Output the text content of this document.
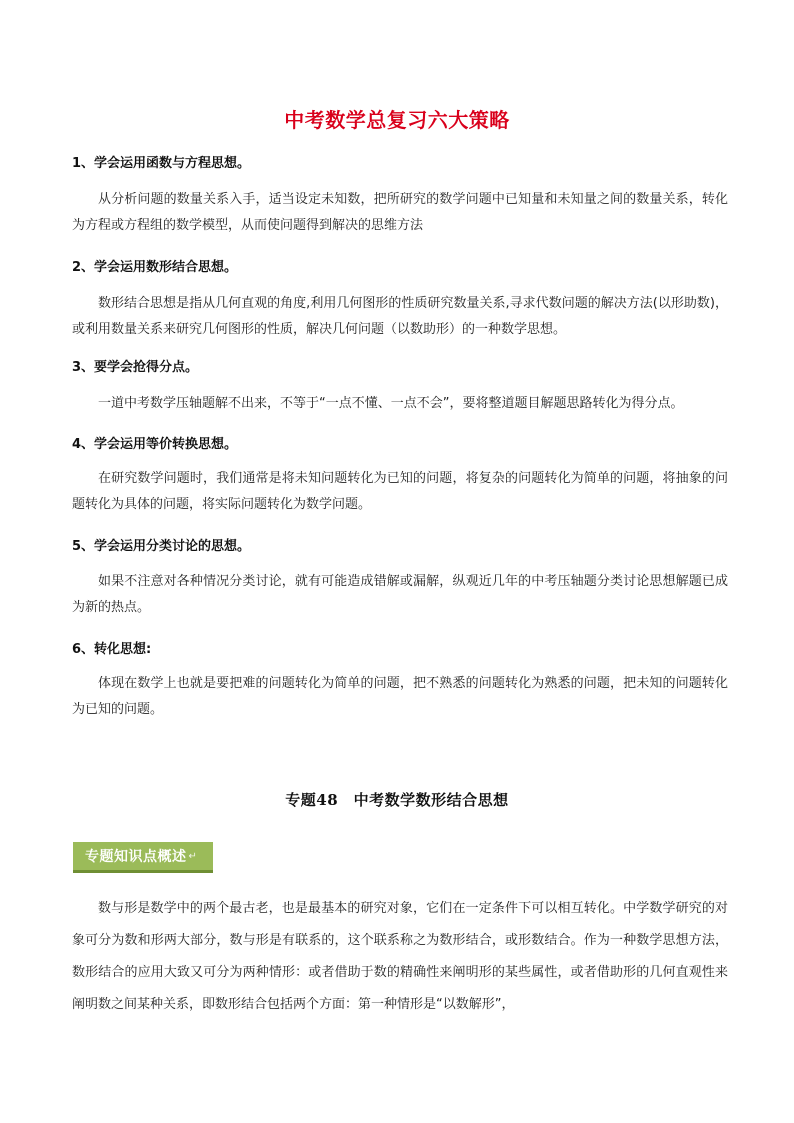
中考数学总复习六大策略
1、学会运用函数与方程思想。
从分析问题的数量关系入手，适当设定未知数，把所研究的数学问题中已知量和未知量之间的数量关系，转化为方程或方程组的数学模型，从而使问题得到解决的思维方法
2、学会运用数形结合思想。
数形结合思想是指从几何直观的角度,利用几何图形的性质研究数量关系,寻求代数问题的解决方法(以形助数)，或利用数量关系来研究几何图形的性质，解决几何问题（以数助形）的一种数学思想。
3、要学会抢得分点。
一道中考数学压轴题解不出来，不等于“一点不懂、一点不会”，要将整道题目解题思路转化为得分点。
4、学会运用等价转换思想。
在研究数学问题时，我们通常是将未知问题转化为已知的问题，将复杂的问题转化为简单的问题，将抽象的问题转化为具体的问题，将实际问题转化为数学问题。
5、学会运用分类讨论的思想。
如果不注意对各种情况分类讨论，就有可能造成错解或漏解，纵观近几年的中考压轴题分类讨论思想解题已成为新的热点。
6、转化思想:
体现在数学上也就是要把难的问题转化为简单的问题，把不熟悉的问题转化为熟悉的问题，把未知的问题转化为已知的问题。
专题48　中考数学数形结合思想
专题知识点概述 ↵
数与形是数学中的两个最古老，也是最基本的研究对象，它们在一定条件下可以相互转化。中学数学研究的对象可分为数和形两大部分，数与形是有联系的，这个联系称之为数形结合，或形数结合。作为一种数学思想方法，数形结合的应用大致又可分为两种情形：或者借助于数的精确性来阐明形的某些属性，或者借助形的几何直观性来阐明数之间某种关系，即数形结合包括两个方面：第一种情形是“以数解形”，
